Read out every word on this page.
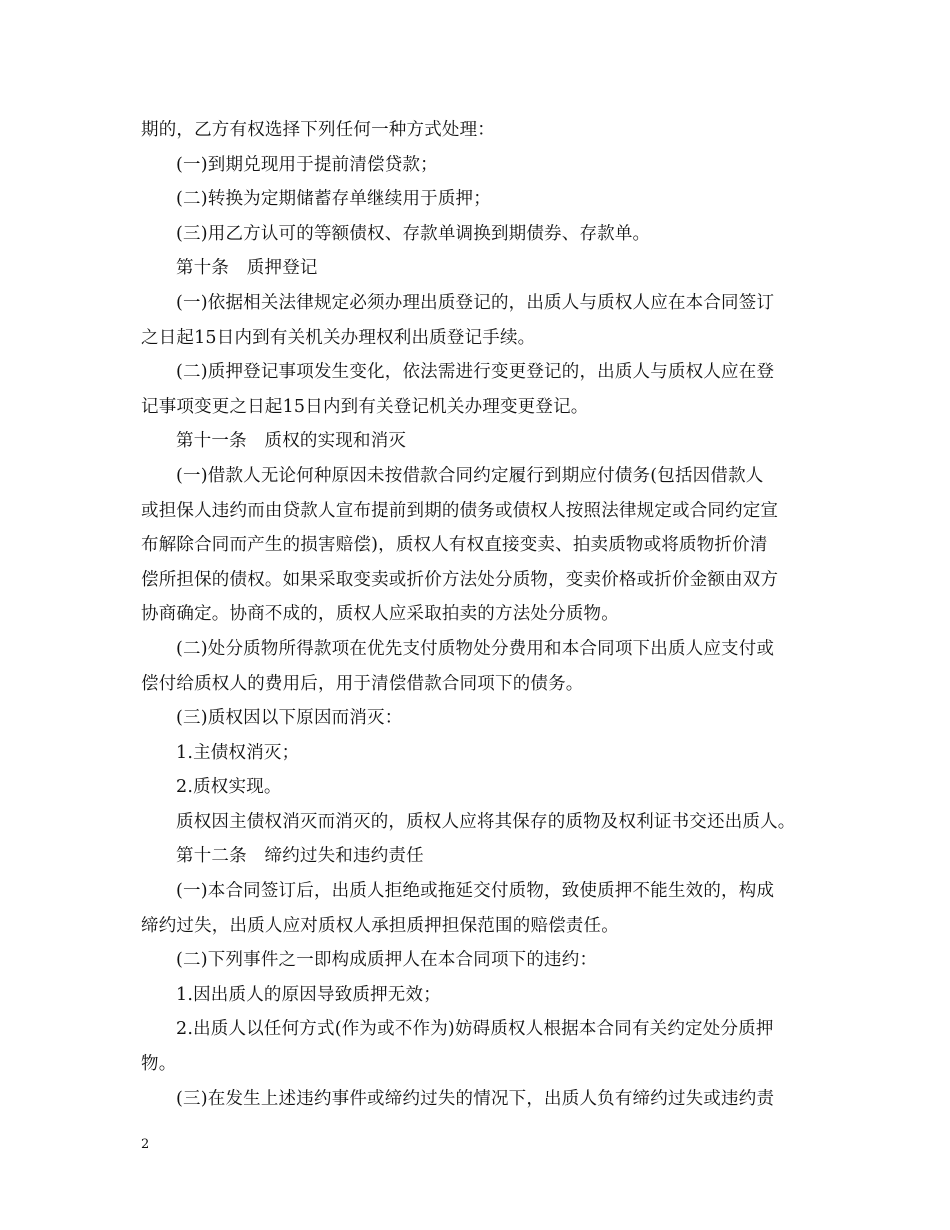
期的，乙方有权选择下列任何一种方式处理：
(一)到期兑现用于提前清偿贷款；
(二)转换为定期储蓄存单继续用于质押；
(三)用乙方认可的等额债权、存款单调换到期债券、存款单。
第十条　质押登记
(一)依据相关法律规定必须办理出质登记的，出质人与质权人应在本合同签订
之日起15日内到有关机关办理权利出质登记手续。
(二)质押登记事项发生变化，依法需进行变更登记的，出质人与质权人应在登
记事项变更之日起15日内到有关登记机关办理变更登记。
第十一条　质权的实现和消灭
(一)借款人无论何种原因未按借款合同约定履行到期应付债务(包括因借款人
或担保人违约而由贷款人宣布提前到期的债务或债权人按照法律规定或合同约定宣
布解除合同而产生的损害赔偿)，质权人有权直接变卖、拍卖质物或将质物折价清
偿所担保的债权。如果采取变卖或折价方法处分质物，变卖价格或折价金额由双方
协商确定。协商不成的，质权人应采取拍卖的方法处分质物。
(二)处分质物所得款项在优先支付质物处分费用和本合同项下出质人应支付或
偿付给质权人的费用后，用于清偿借款合同项下的债务。
(三)质权因以下原因而消灭：
1.主债权消灭；
2.质权实现。
质权因主债权消灭而消灭的，质权人应将其保存的质物及权利证书交还出质人。
第十二条　缔约过失和违约责任
(一)本合同签订后，出质人拒绝或拖延交付质物，致使质押不能生效的，构成
缔约过失，出质人应对质权人承担质押担保范围的赔偿责任。
(二)下列事件之一即构成质押人在本合同项下的违约：
1.因出质人的原因导致质押无效；
2.出质人以任何方式(作为或不作为)妨碍质权人根据本合同有关约定处分质押
物。
(三)在发生上述违约事件或缔约过失的情况下，出质人负有缔约过失或违约责
2
